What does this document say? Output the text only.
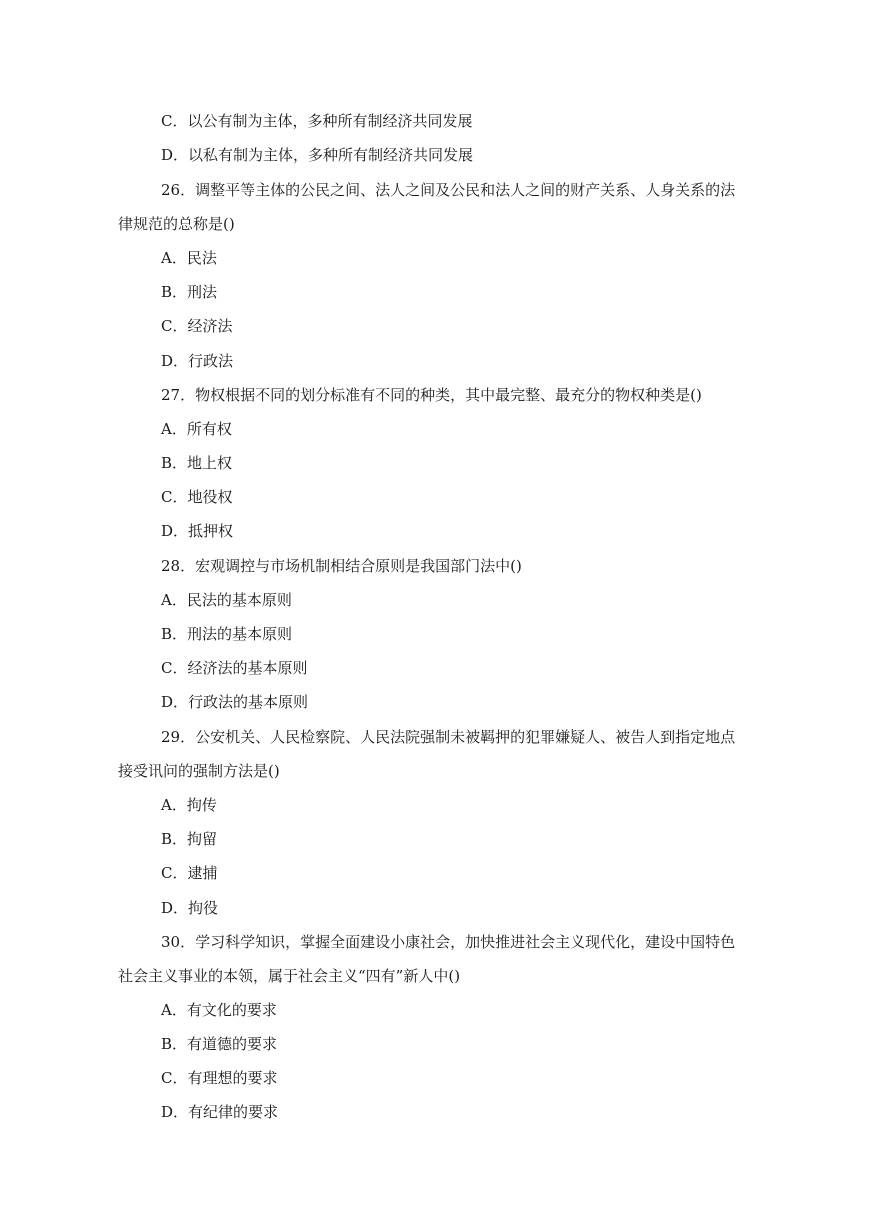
C．以公有制为主体，多种所有制经济共同发展
D．以私有制为主体，多种所有制经济共同发展
26．调整平等主体的公民之间、法人之间及公民和法人之间的财产关系、人身关系的法
律规范的总称是()
A．民法
B．刑法
C．经济法
D．行政法
27．物权根据不同的划分标准有不同的种类，其中最完整、最充分的物权种类是()
A．所有权
B．地上权
C．地役权
D．抵押权
28．宏观调控与市场机制相结合原则是我国部门法中()
A．民法的基本原则
B．刑法的基本原则
C．经济法的基本原则
D．行政法的基本原则
29．公安机关、人民检察院、人民法院强制未被羁押的犯罪嫌疑人、被告人到指定地点
接受讯问的强制方法是()
A．拘传
B．拘留
C．逮捕
D．拘役
30．学习科学知识，掌握全面建设小康社会，加快推进社会主义现代化，建设中国特色
社会主义事业的本领，属于社会主义“四有”新人中()
A．有文化的要求
B．有道德的要求
C．有理想的要求
D．有纪律的要求
